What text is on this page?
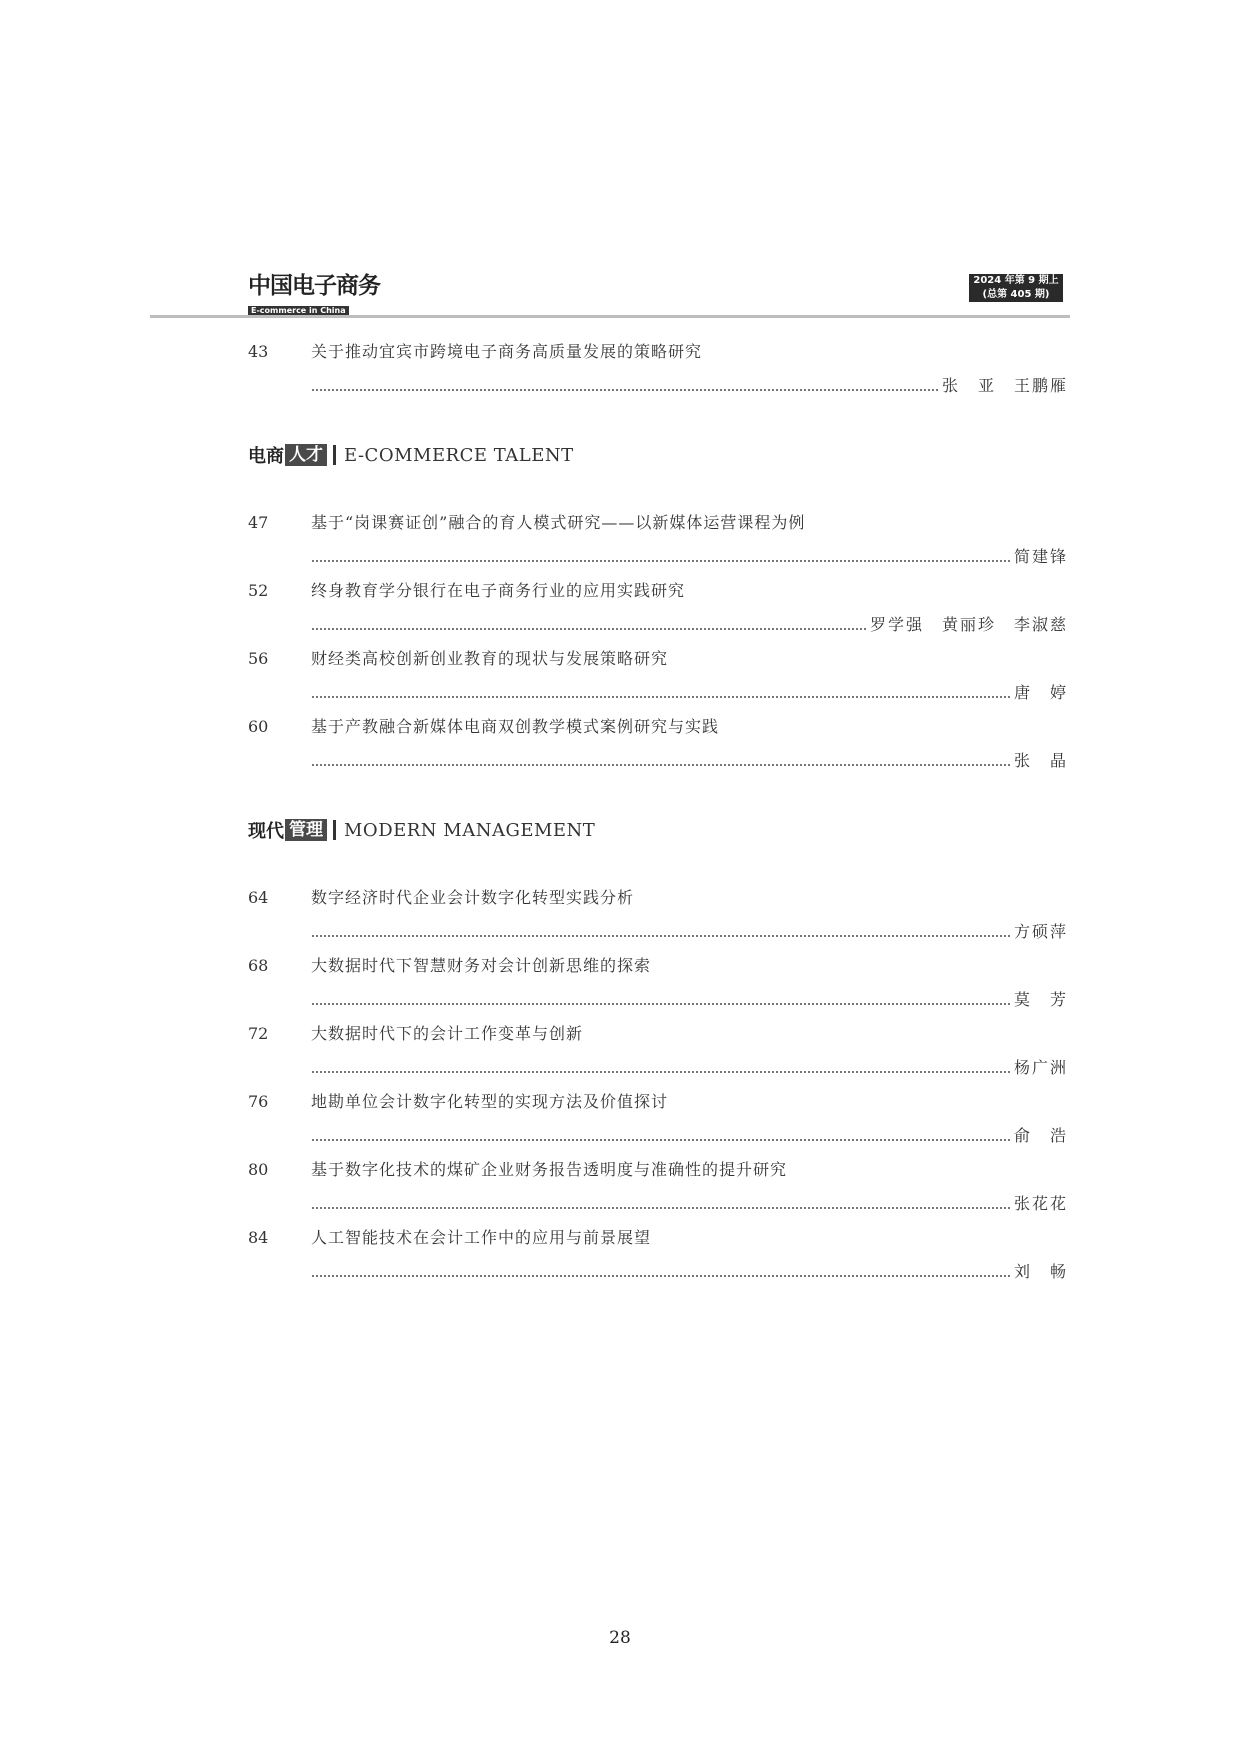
中国电子商务
E-commerce in China
2024 年第 9 期上
(总第 405 期)
43	关于推动宜宾市跨境电子商务高质量发展的策略研究
张　亚　王鹏雁
电商 人才 E-COMMERCE TALENT
47	基于“岗课赛证创”融合的育人模式研究——以新媒体运营课程为例
简建锋
52	终身教育学分银行在电子商务行业的应用实践研究
罗学强　黄丽珍　李淑慈
56	财经类高校创新创业教育的现状与发展策略研究
唐　婷
60	基于产教融合新媒体电商双创教学模式案例研究与实践
张　晶
现代 管理 MODERN MANAGEMENT
64	数字经济时代企业会计数字化转型实践分析
方硕萍
68	大数据时代下智慧财务对会计创新思维的探索
莫　芳
72	大数据时代下的会计工作变革与创新
杨广洲
76	地勘单位会计数字化转型的实现方法及价值探讨
俞　浩
80	基于数字化技术的煤矿企业财务报告透明度与准确性的提升研究
张花花
84	人工智能技术在会计工作中的应用与前景展望
刘　畅
28
